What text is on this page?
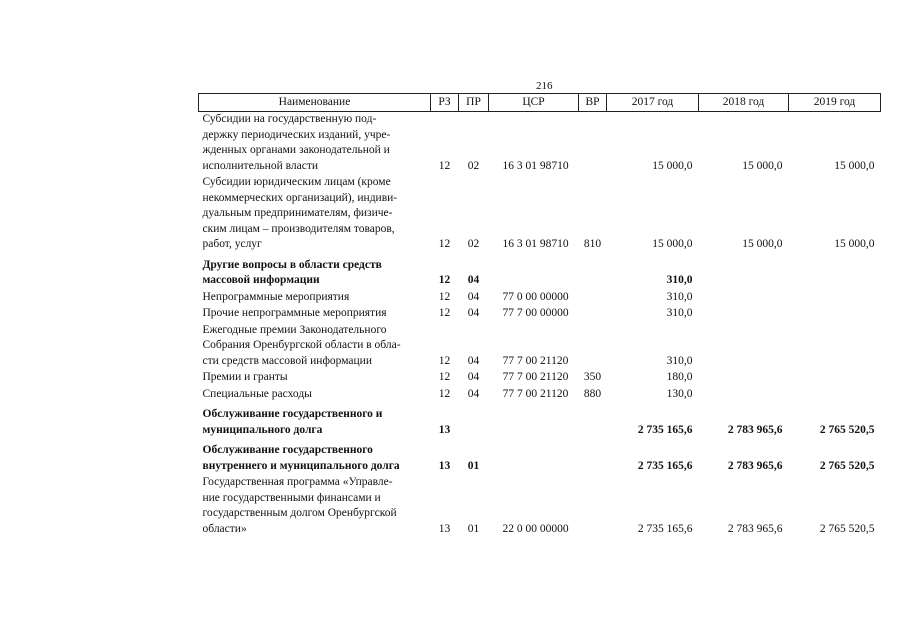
216
Наименование	РЗ	ПР	ЦСР	ВР	2017 год	2018 год	2019 год
Субсидии на государственную под-
держку периодических изданий, учре-
жденных органами законодательной и
исполнительной власти	12	02	16 3 01 98710		15 000,0	15 000,0	15 000,0
Субсидии юридическим лицам (кроме
некоммерческих организаций), индиви-
дуальным предпринимателям, физиче-
ским лицам – производителям товаров,
работ, услуг	12	02	16 3 01 98710	810	15 000,0	15 000,0	15 000,0

Другие вопросы в области средств
массовой информации	12	04			310,0		
Непрограммные мероприятия	12	04	77 0 00 00000		310,0		
Прочие непрограммные мероприятия	12	04	77 7 00 00000		310,0		
Ежегодные премии Законодательного
Собрания Оренбургской области в обла-
сти средств массовой информации	12	04	77 7 00 21120		310,0		
Премии и гранты	12	04	77 7 00 21120	350	180,0		
Специальные расходы	12	04	77 7 00 21120	880	130,0		

Обслуживание государственного и
муниципального долга	13				2 735 165,6	2 783 965,6	2 765 520,5

Обслуживание государственного
внутреннего и муниципального долга	13	01			2 735 165,6	2 783 965,6	2 765 520,5
Государственная программа «Управле-
ние государственными финансами и
государственным долгом Оренбургской
области»	13	01	22 0 00 00000		2 735 165,6	2 783 965,6	2 765 520,5
